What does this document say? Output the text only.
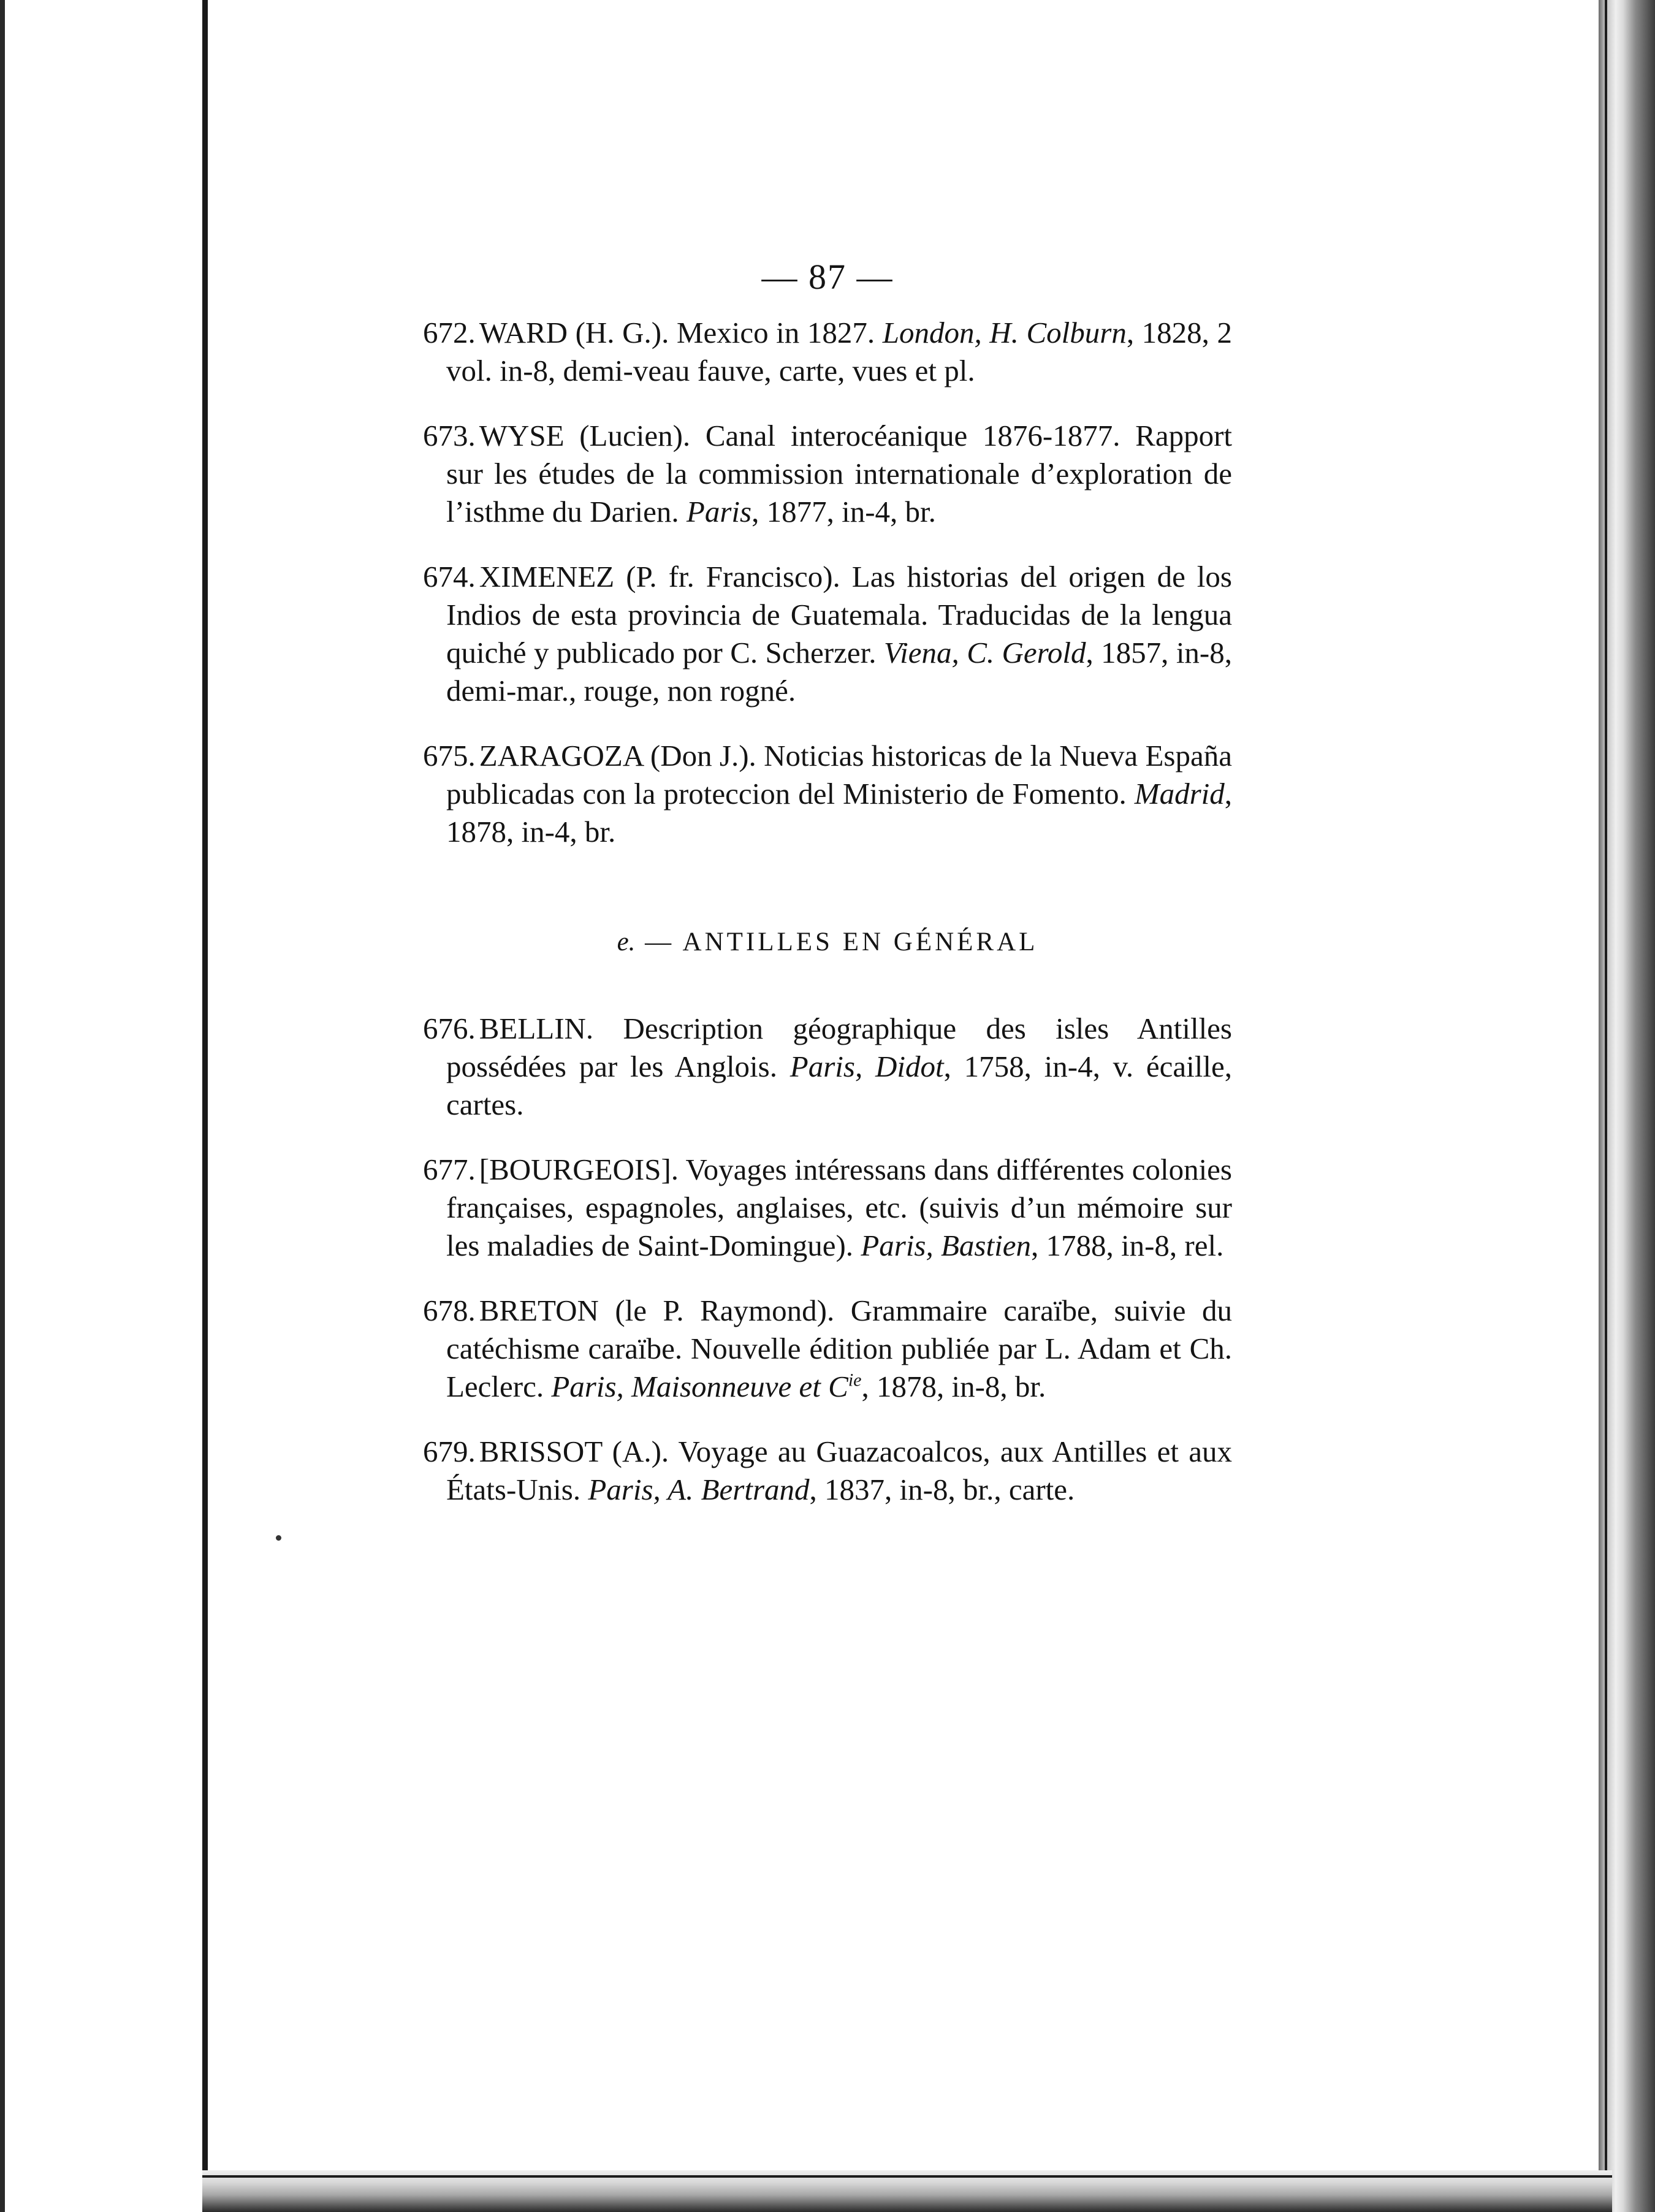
— 87 —

672. WARD (H. G.). Mexico in 1827. London, H. Colburn, 1828, 2 vol. in-8, demi-veau fauve, carte, vues et pl.

673. WYSE (Lucien). Canal interocéanique 1876-1877. Rapport sur les études de la commission internationale d’exploration de l’isthme du Darien. Paris, 1877, in-4, br.

674. XIMENEZ (P. fr. Francisco). Las historias del origen de los Indios de esta provincia de Guatemala. Traducidas de la lengua quiché y publicado por C. Scherzer. Viena, C. Gerold, 1857, in-8, demi-mar., rouge, non rogné.

675. ZARAGOZA (Don J.). Noticias historicas de la Nueva España publicadas con la proteccion del Ministerio de Fomento. Madrid, 1878, in-4, br.

e. — ANTILLES EN GÉNÉRAL

676. BELLIN. Description géographique des isles Antilles possédées par les Anglois. Paris, Didot, 1758, in-4, v. écaille, cartes.

677. [BOURGEOIS]. Voyages intéressans dans différentes colonies françaises, espagnoles, anglaises, etc. (suivis d’un mémoire sur les maladies de Saint-Domingue). Paris, Bastien, 1788, in-8, rel.

678. BRETON (le P. Raymond). Grammaire caraïbe, suivie du catéchisme caraïbe. Nouvelle édition publiée par L. Adam et Ch. Leclerc. Paris, Maisonneuve et $C^{ie}$, 1878, in-8, br.

679. BRISSOT (A.). Voyage au Guazacoalcos, aux Antilles et aux États-Unis. Paris, A. Bertrand, 1837, in-8, br., carte.
